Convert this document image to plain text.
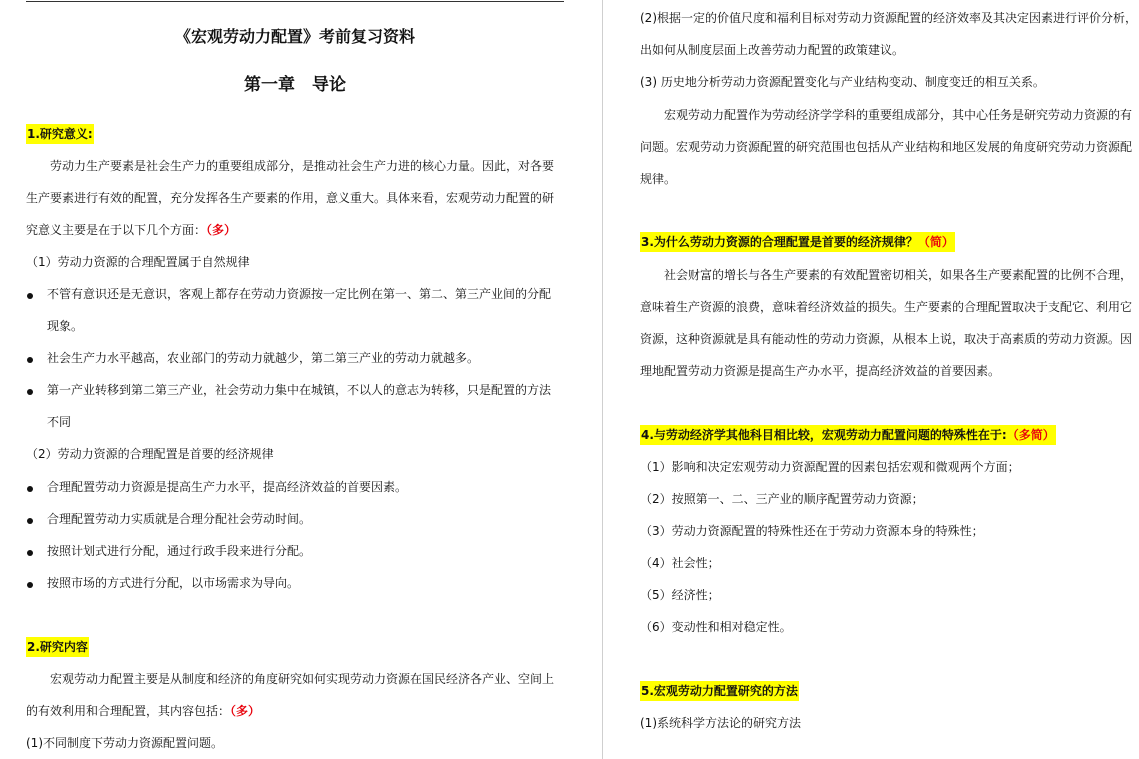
《宏观劳动力配置》考前复习资料
第一章　导论
1.研究意义:
劳动力生产要素是社会生产力的重要组成部分，是推动社会生产力进的核心力量。因此，对各要
生产要素进行有效的配置，充分发挥各生产要素的作用，意义重大。具体来看，宏观劳动力配置的研
究意义主要是在于以下几个方面：（多）
（1）劳动力资源的合理配置属于自然规律
不管有意识还是无意识，客观上都存在劳动力资源按一定比例在第一、第二、第三产业间的分配
现象。
社会生产力水平越高，农业部门的劳动力就越少，第二第三产业的劳动力就越多。
第一产业转移到第二第三产业，社会劳动力集中在城镇，不以人的意志为转移，只是配置的方法
不同
（2）劳动力资源的合理配置是首要的经济规律
合理配置劳动力资源是提高生产力水平，提高经济效益的首要因素。
合理配置劳动力实质就是合理分配社会劳动时间。
按照计划式进行分配，通过行政手段来进行分配。
按照市场的方式进行分配，以市场需求为导向。
2.研究内容
宏观劳动力配置主要是从制度和经济的角度研究如何实现劳动力资源在国民经济各产业、空间上
的有效利用和合理配置，其内容包括：（多）
(1)不同制度下劳动力资源配置问题。
(2)根据一定的价值尺度和福利目标对劳动力资源配置的经济效率及其决定因素进行评价分析，
出如何从制度层面上改善劳动力配置的政策建议。
(3) 历史地分析劳动力资源配置变化与产业结构变动、制度变迁的相互关系。
宏观劳动力配置作为劳动经济学学科的重要组成部分，其中心任务是研究劳动力资源的有
问题。宏观劳动力资源配置的研究范围也包括从产业结构和地区发展的角度研究劳动力资源配
规律。
3.为什么劳动力资源的合理配置是首要的经济规律？（简）
社会财富的增长与各生产要素的有效配置密切相关，如果各生产要素配置的比例不合理，
意味着生产资源的浪费，意味着经济效益的损失。生产要素的合理配置取决于支配它、利用它
资源，这种资源就是具有能动性的劳动力资源，从根本上说，取决于高素质的劳动力资源。因
理地配置劳动力资源是提高生产办水平，提高经济效益的首要因素。
4.与劳动经济学其他科目相比较，宏观劳动力配置问题的特殊性在于:（多简）
（1）影响和决定宏观劳动力资源配置的因素包括宏观和微观两个方面；
（2）按照第一、二、三产业的顺序配置劳动力资源；
（3）劳动力资源配置的特殊性还在于劳动力资源本身的特殊性；
（4）社会性；
（5）经济性；
（6）变动性和相对稳定性。
5.宏观劳动力配置研究的方法
(1)系统科学方法论的研究方法
